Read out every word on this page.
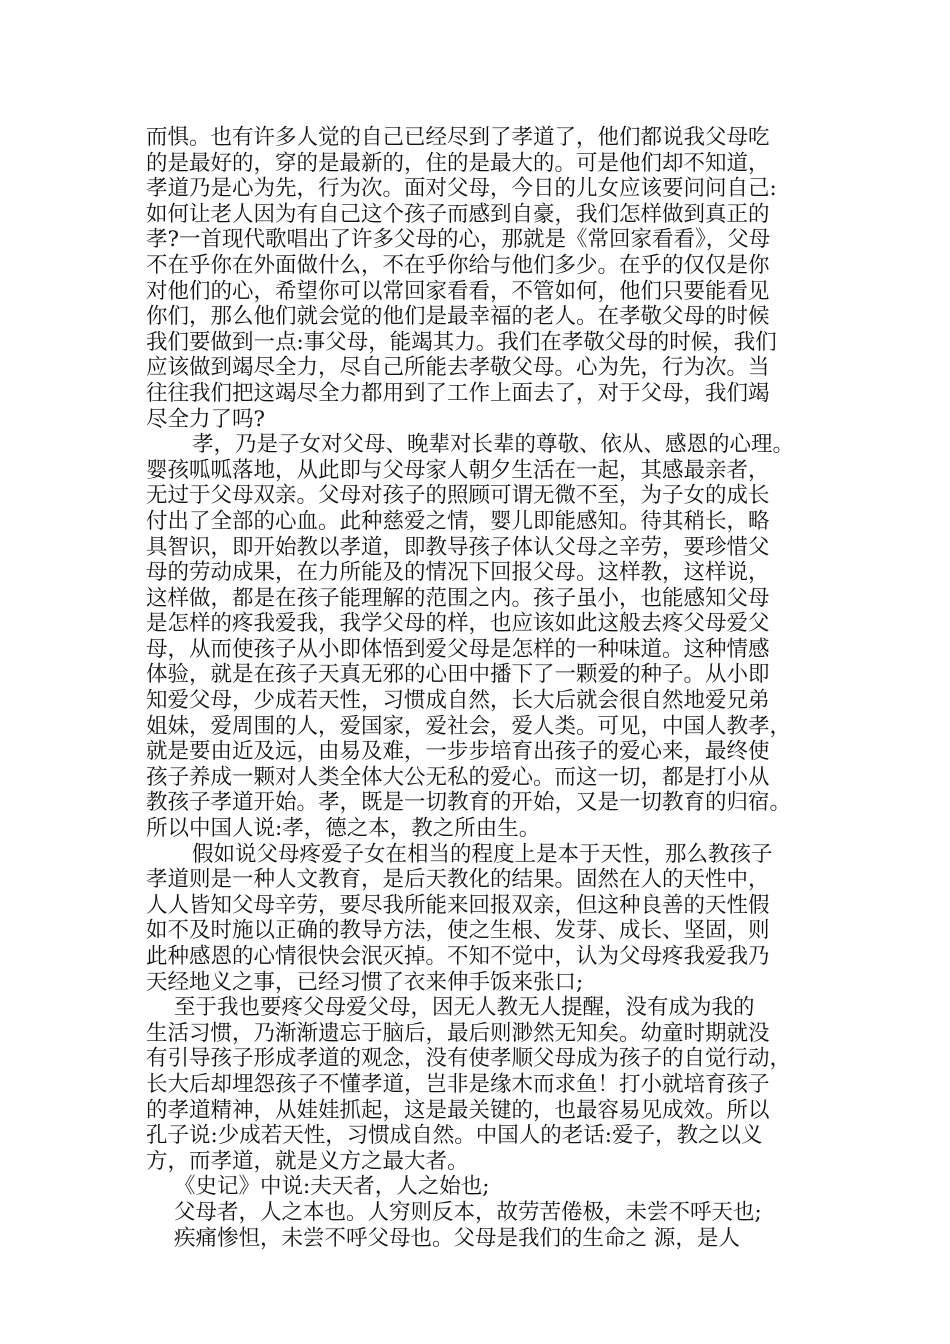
而惧。也有许多人觉的自己已经尽到了孝道了，他们都说我父母吃
的是最好的，穿的是最新的，住的是最大的。可是他们却不知道，
孝道乃是心为先，行为次。面对父母，今日的儿女应该要问问自己:
如何让老人因为有自己这个孩子而感到自豪，我们怎样做到真正的
孝?一首现代歌唱出了许多父母的心，那就是《常回家看看》，父母
不在乎你在外面做什么，不在乎你给与他们多少。在乎的仅仅是你
对他们的心，希望你可以常回家看看，不管如何，他们只要能看见
你们，那么他们就会觉的他们是最幸福的老人。在孝敬父母的时候
我们要做到一点:事父母，能竭其力。我们在孝敬父母的时候，我们
应该做到竭尽全力，尽自己所能去孝敬父母。心为先，行为次。当
往往我们把这竭尽全力都用到了工作上面去了，对于父母，我们竭
尽全力了吗?
孝，乃是子女对父母、晚辈对长辈的尊敬、依从、感恩的心理。
婴孩呱呱落地，从此即与父母家人朝夕生活在一起，其感最亲者，
无过于父母双亲。父母对孩子的照顾可谓无微不至，为子女的成长
付出了全部的心血。此种慈爱之情，婴儿即能感知。待其稍长，略
具智识，即开始教以孝道，即教导孩子体认父母之辛劳，要珍惜父
母的劳动成果，在力所能及的情况下回报父母。这样教，这样说，
这样做，都是在孩子能理解的范围之内。孩子虽小，也能感知父母
是怎样的疼我爱我，我学父母的样，也应该如此这般去疼父母爱父
母，从而使孩子从小即体悟到爱父母是怎样的一种味道。这种情感
体验，就是在孩子天真无邪的心田中播下了一颗爱的种子。从小即
知爱父母，少成若天性，习惯成自然，长大后就会很自然地爱兄弟
姐妹，爱周围的人，爱国家，爱社会，爱人类。可见，中国人教孝，
就是要由近及远，由易及难，一步步培育出孩子的爱心来，最终使
孩子养成一颗对人类全体大公无私的爱心。而这一切，都是打小从
教孩子孝道开始。孝，既是一切教育的开始，又是一切教育的归宿。
所以中国人说:孝，德之本，教之所由生。
假如说父母疼爱子女在相当的程度上是本于天性，那么教孩子
孝道则是一种人文教育，是后天教化的结果。固然在人的天性中，
人人皆知父母辛劳，要尽我所能来回报双亲，但这种良善的天性假
如不及时施以正确的教导方法，使之生根、发芽、成长、坚固，则
此种感恩的心情很快会泯灭掉。不知不觉中，认为父母疼我爱我乃
天经地义之事，已经习惯了衣来伸手饭来张口;
至于我也要疼父母爱父母，因无人教无人提醒，没有成为我的
生活习惯，乃渐渐遗忘于脑后，最后则渺然无知矣。幼童时期就没
有引导孩子形成孝道的观念，没有使孝顺父母成为孩子的自觉行动，
长大后却埋怨孩子不懂孝道，岂非是缘木而求鱼！打小就培育孩子
的孝道精神，从娃娃抓起，这是最关键的，也最容易见成效。所以
孔子说:少成若天性，习惯成自然。中国人的老话:爱子，教之以义
方，而孝道，就是义方之最大者。
《史记》中说:夫天者，人之始也;
父母者，人之本也。人穷则反本，故劳苦倦极，未尝不呼天也;
疾痛惨怛，未尝不呼父母也。父母是我们的生命之 源，是人
